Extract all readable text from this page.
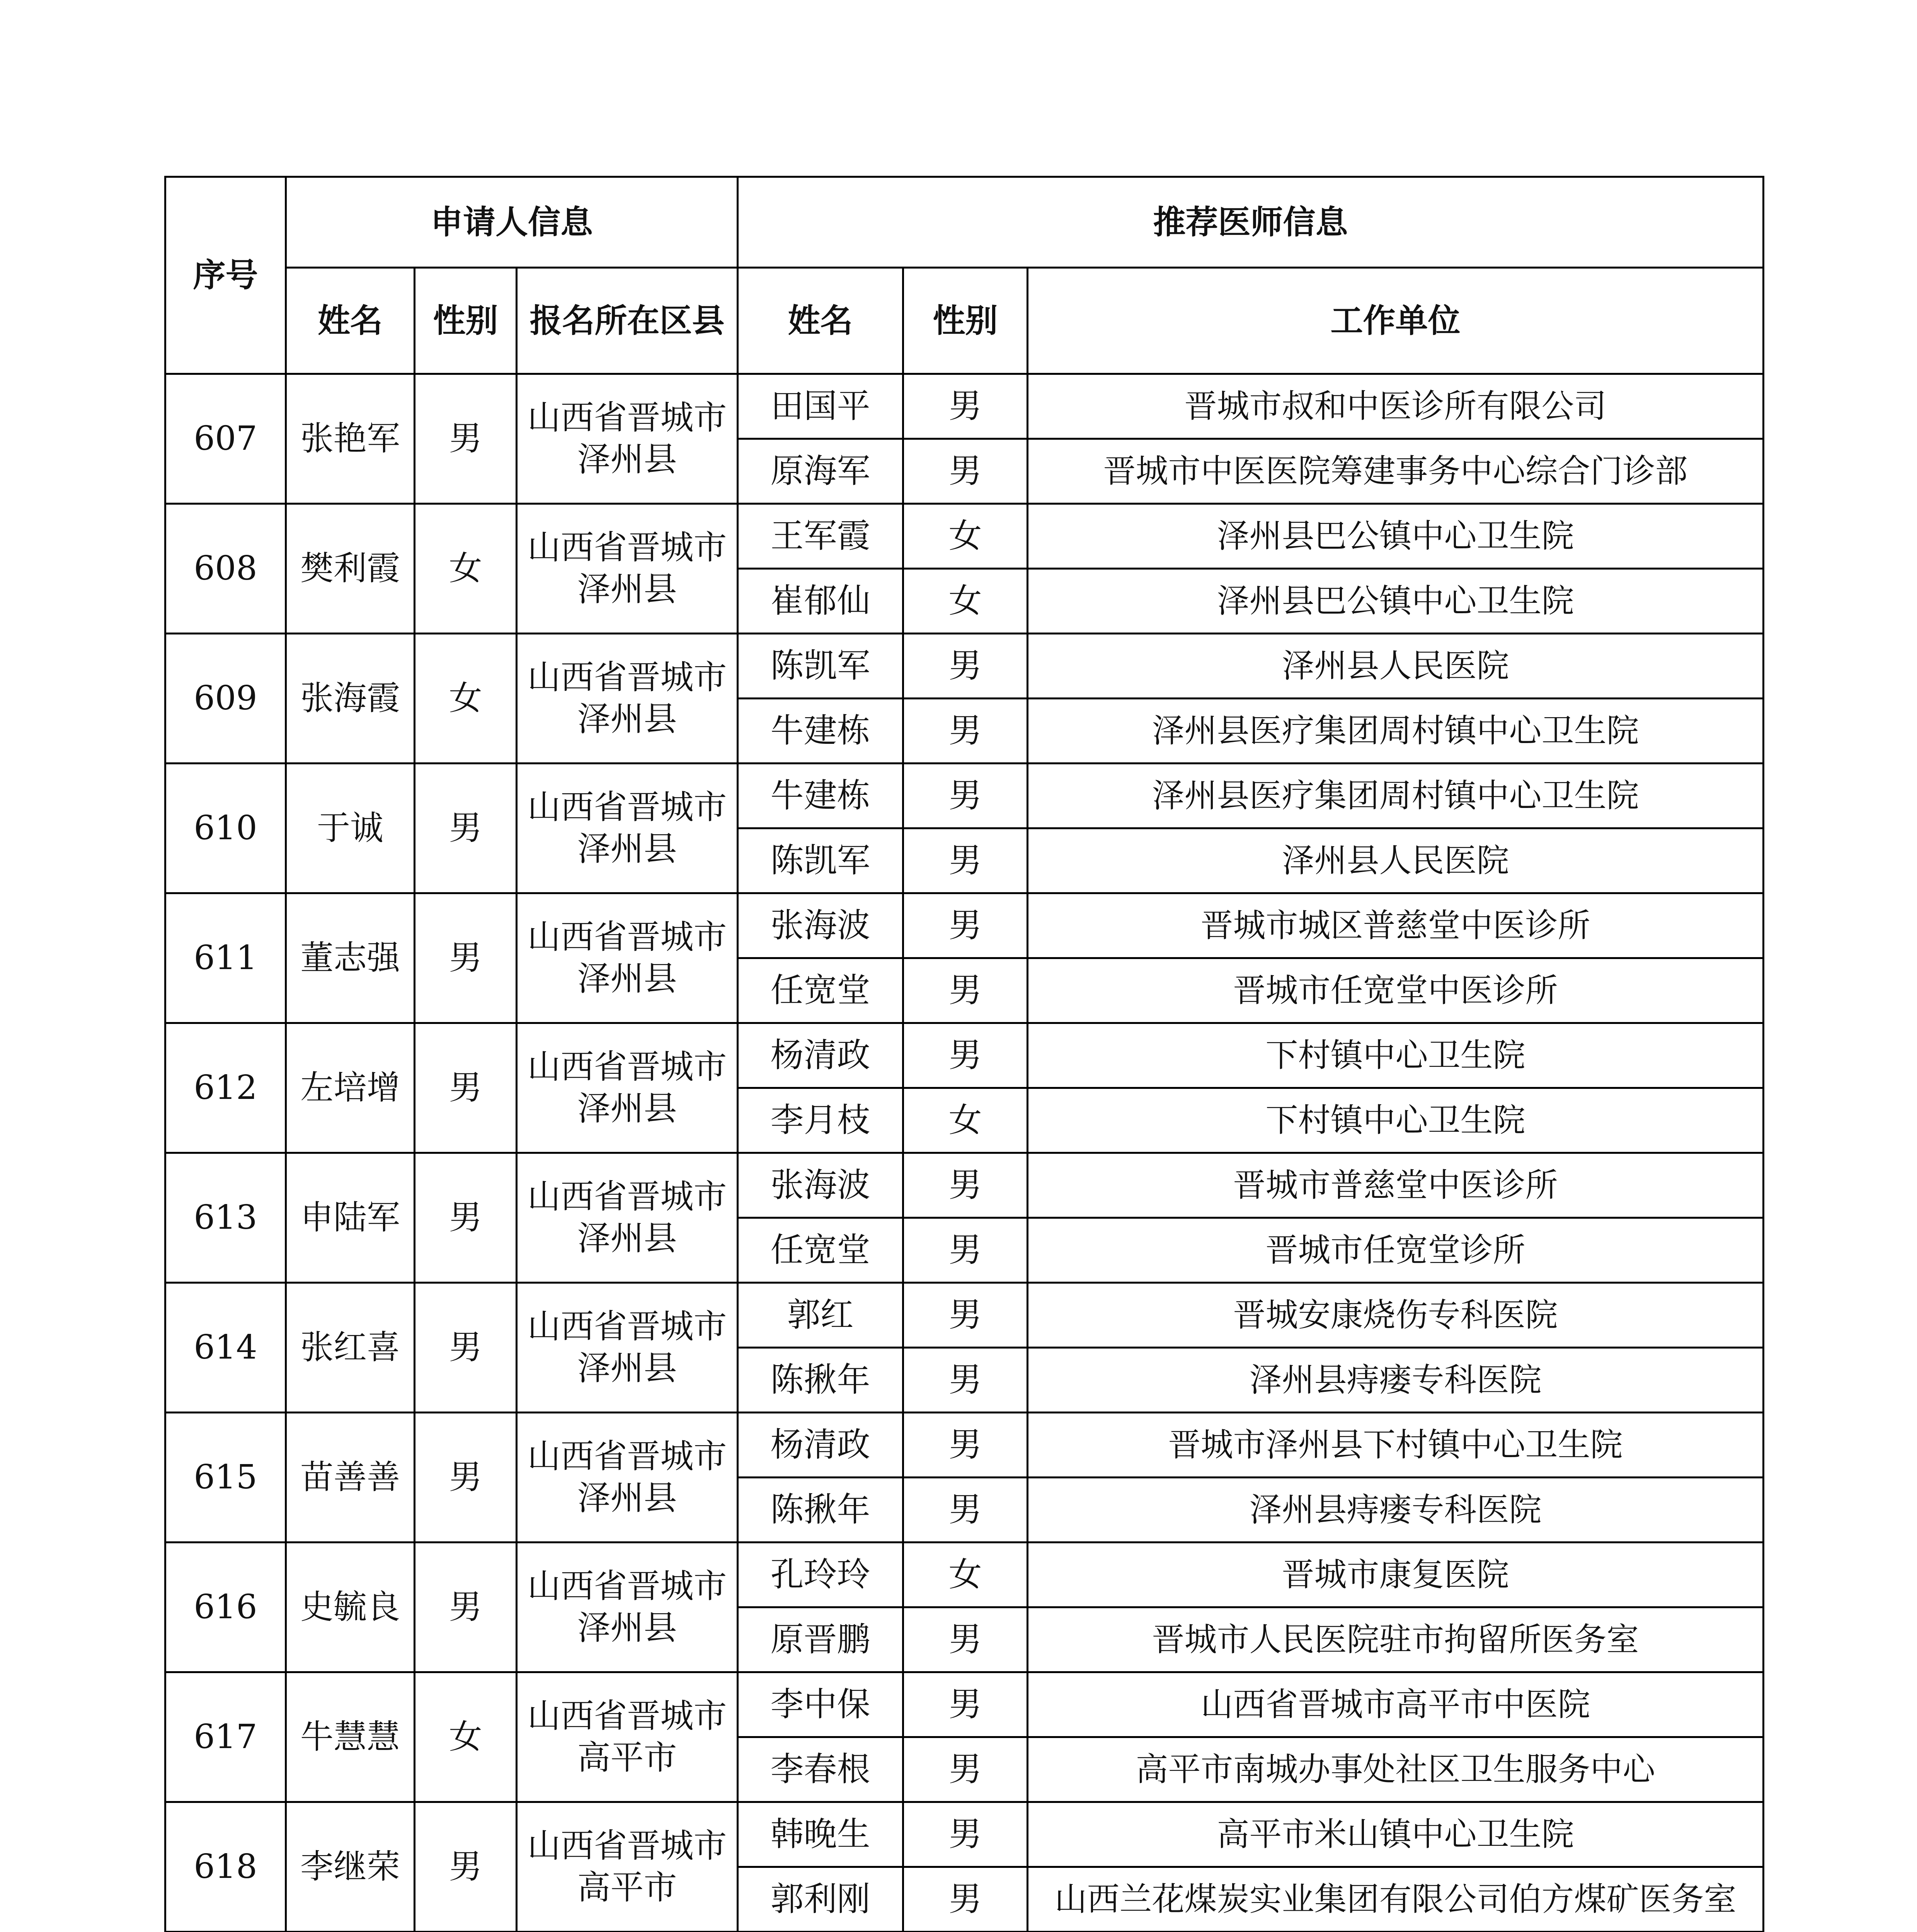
序号	申请人信息			推荐医师信息		
	姓名	性别	报名所在区县	姓名	性别	工作单位
607	张艳军	男	山西省晋城市泽州县	田国平	男	晋城市叔和中医诊所有限公司
				原海军	男	晋城市中医医院筹建事务中心综合门诊部
608	樊利霞	女	山西省晋城市泽州县	王军霞	女	泽州县巴公镇中心卫生院
				崔郁仙	女	泽州县巴公镇中心卫生院
609	张海霞	女	山西省晋城市泽州县	陈凯军	男	泽州县人民医院
				牛建栋	男	泽州县医疗集团周村镇中心卫生院
610	于诚	男	山西省晋城市泽州县	牛建栋	男	泽州县医疗集团周村镇中心卫生院
				陈凯军	男	泽州县人民医院
611	董志强	男	山西省晋城市泽州县	张海波	男	晋城市城区普慈堂中医诊所
				任宽堂	男	晋城市任宽堂中医诊所
612	左培增	男	山西省晋城市泽州县	杨清政	男	下村镇中心卫生院
				李月枝	女	下村镇中心卫生院
613	申陆军	男	山西省晋城市泽州县	张海波	男	晋城市普慈堂中医诊所
				任宽堂	男	晋城市任宽堂诊所
614	张红喜	男	山西省晋城市泽州县	郭红	男	晋城安康烧伤专科医院
				陈揪年	男	泽州县痔瘘专科医院
615	苗善善	男	山西省晋城市泽州县	杨清政	男	晋城市泽州县下村镇中心卫生院
				陈揪年	男	泽州县痔瘘专科医院
616	史毓良	男	山西省晋城市泽州县	孔玲玲	女	晋城市康复医院
				原晋鹏	男	晋城市人民医院驻市拘留所医务室
617	牛慧慧	女	山西省晋城市高平市	李中保	男	山西省晋城市高平市中医院
				李春根	男	高平市南城办事处社区卫生服务中心
618	李继荣	男	山西省晋城市高平市	韩晚生	男	高平市米山镇中心卫生院
				郭利刚	男	山西兰花煤炭实业集团有限公司伯方煤矿医务室
